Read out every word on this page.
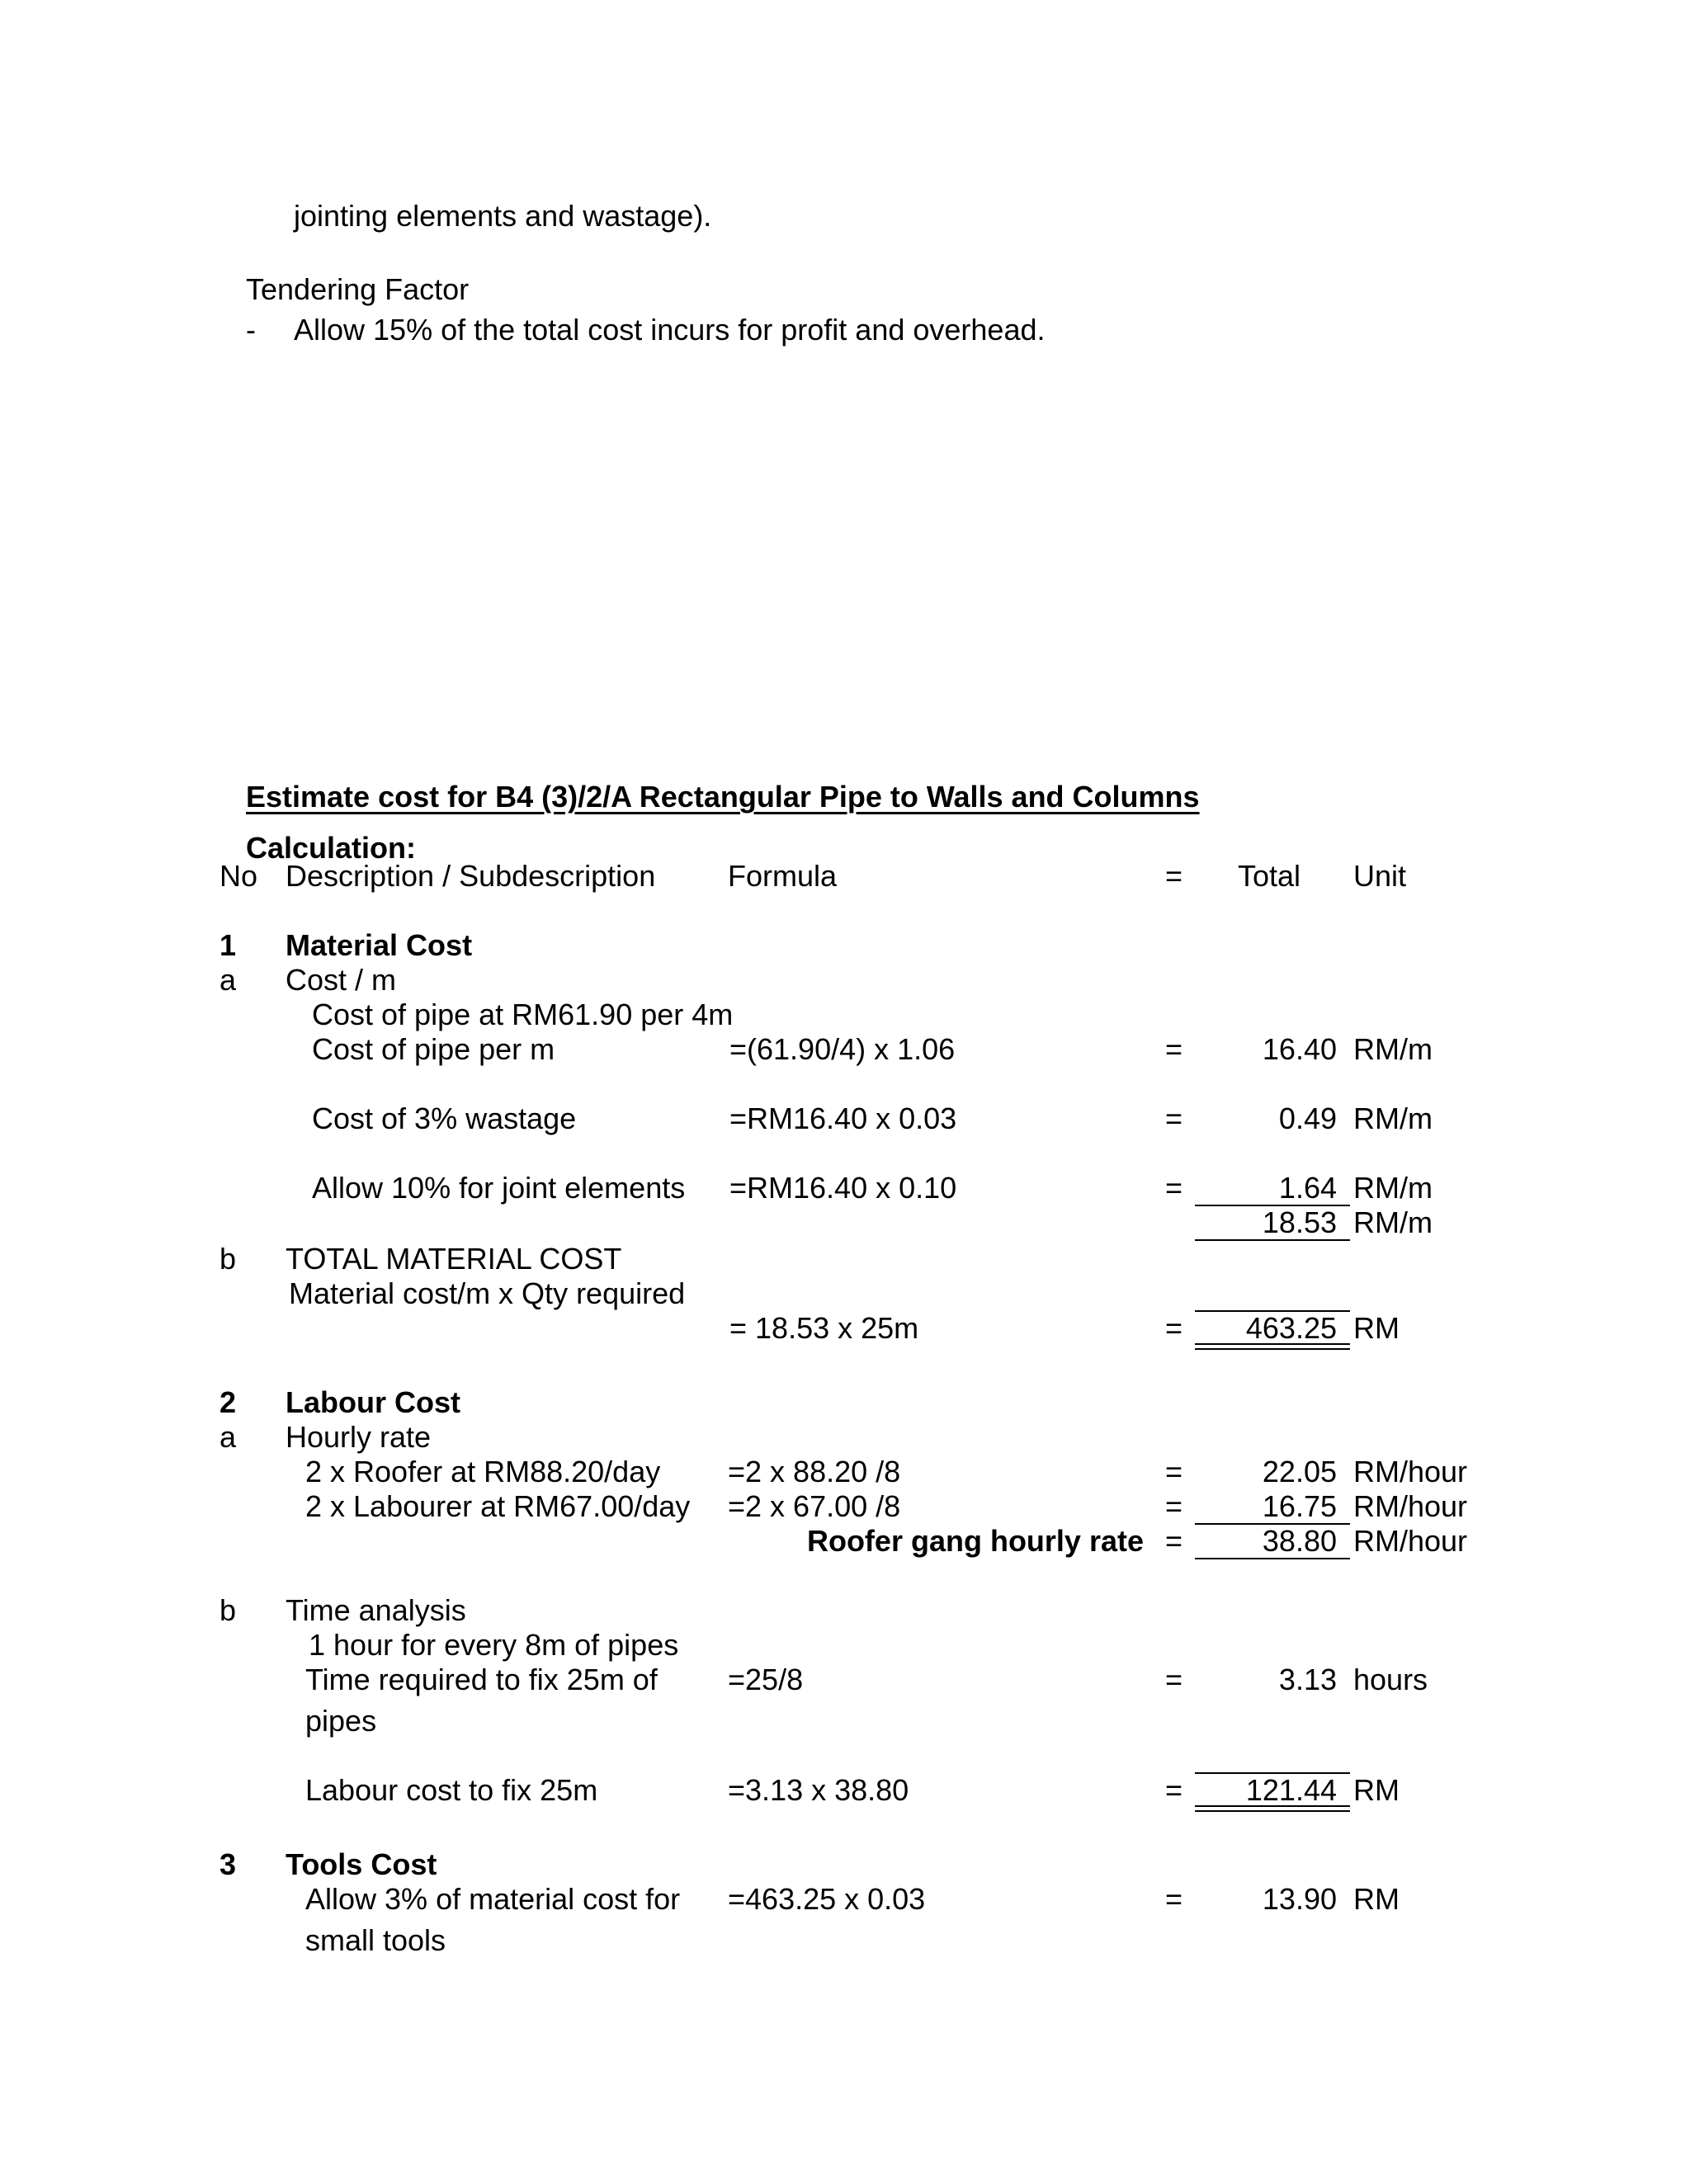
jointing elements and wastage).
Tendering Factor
- Allow 15% of the total cost incurs for profit and overhead.
Estimate cost for B4 (3)/2/A Rectangular Pipe to Walls and Columns
Calculation:
No Description / Subdescription Formula	= Total Unit
1 Material Cost
a Cost / m
Cost of pipe at RM61.90 per 4m
Cost of pipe per m	=(61.90/4) x 1.06	=	16.40 RM/m
Cost of 3% wastage	=RM16.40 x 0.03	=	0.49 RM/m
Allow 10% for joint elements =RM16.40 x 0.10	=	1.64 RM/m
18.53 RM/m
b TOTAL MATERIAL COST
Material cost/m x Qty required
= 18.53 x 25m	=	463.25 RM
2 Labour Cost
a Hourly rate
2 x Roofer at RM88.20/day =2 x 88.20 /8	=	22.05 RM/hour
2 x Labourer at RM67.00/day =2 x 67.00 /8	=	16.75 RM/hour
Roofer gang hourly rate =	38.80 RM/hour
b Time analysis
1 hour for every 8m of pipes
Time required to fix 25m of =25/8	=	3.13 hours
pipes
Labour cost to fix 25m	=3.13 x 38.80	=	121.44 RM
3 Tools Cost
Allow 3% of material cost for =463.25 x 0.03	=	13.90 RM
small tools
